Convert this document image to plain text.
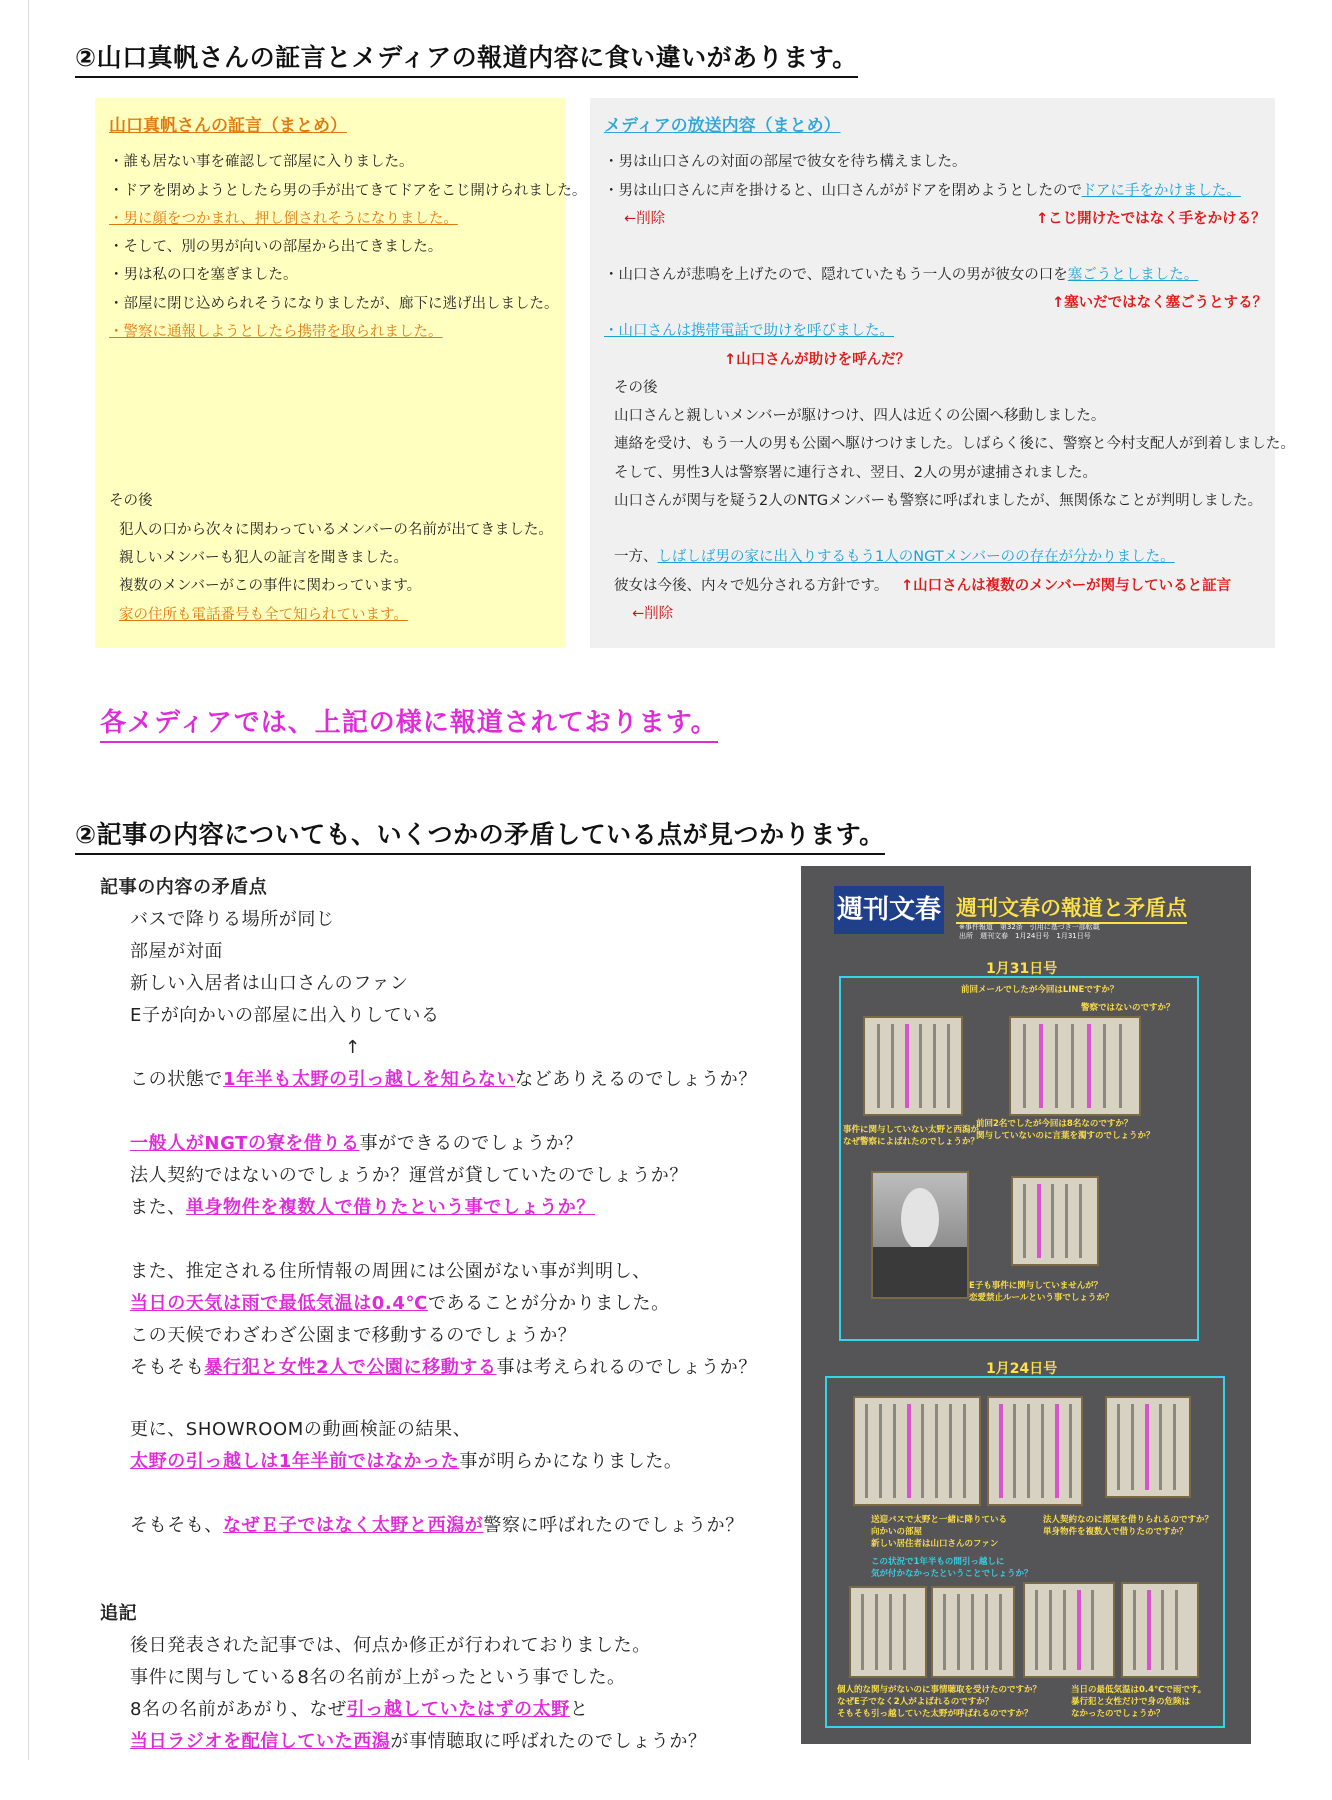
②山口真帆さんの証言とメディアの報道内容に食い違いがあります。
山口真帆さんの証言（まとめ）
・誰も居ない事を確認して部屋に入りました。
・ドアを閉めようとしたら男の手が出てきてドアをこじ開けられました。
・男に顔をつかまれ、押し倒されそうになりました。
・そして、別の男が向いの部屋から出てきました。
・男は私の口を塞ぎました。
・部屋に閉じ込められそうになりましたが、廊下に逃げ出しました。
・警察に通報しようとしたら携帯を取られました。
その後
犯人の口から次々に関わっているメンバーの名前が出てきました。
親しいメンバーも犯人の証言を聞きました。
複数のメンバーがこの事件に関わっています。
家の住所も電話番号も全て知られています。
メディアの放送内容（まとめ）
・男は山口さんの対面の部屋で彼女を待ち構えました。
・男は山口さんに声を掛けると、山口さんががドアを閉めようとしたのでドアに手をかけました。
←削除	↑こじ開けたではなく手をかける？
・山口さんが悲鳴を上げたので、隠れていたもう一人の男が彼女の口を塞ごうとしました。
↑塞いだではなく塞ごうとする？
・山口さんは携帯電話で助けを呼びました。
↑山口さんが助けを呼んだ？
その後
山口さんと親しいメンバーが駆けつけ、四人は近くの公園へ移動しました。
連絡を受け、もう一人の男も公園へ駆けつけました。しばらく後に、警察と今村支配人が到着しました。
そして、男性3人は警察署に連行され、翌日、2人の男が逮捕されました。
山口さんが関与を疑う2人のNTGメンバーも警察に呼ばれましたが、無関係なことが判明しました。
一方、しばしば男の家に出入りするもう1人のNGTメンバーのの存在が分かりました。
彼女は今後、内々で処分される方針です。 ↑山口さんは複数のメンバーが関与していると証言
←削除
各メディアでは、上記の様に報道されております。
②記事の内容についても、いくつかの矛盾している点が見つかります。
記事の内容の矛盾点
バスで降りる場所が同じ
部屋が対面
新しい入居者は山口さんのファン
E子が向かいの部屋に出入りしている
↑
この状態で1年半も太野の引っ越しを知らないなどありえるのでしょうか？
一般人がNGTの寮を借りる事ができるのでしょうか？
法人契約ではないのでしょうか？運営が貸していたのでしょうか？
また、単身物件を複数人で借りたという事でしょうか？
また、推定される住所情報の周囲には公園がない事が判明し、
当日の天気は雨で最低気温は0.4℃であることが分かりました。
この天候でわざわざ公園まで移動するのでしょうか？
そもそも暴行犯と女性2人で公園に移動する事は考えられるのでしょうか？
更に、SHOWROOMの動画検証の結果、
太野の引っ越しは1年半前ではなかった事が明らかになりました。
そもそも、なぜＥ子ではなく太野と西潟が警察に呼ばれたのでしょうか？
追記
後日発表された記事では、何点か修正が行われておりました。
事件に関与している8名の名前が上がったという事でした。
8名の名前があがり、なぜ引っ越していたはずの太野と
当日ラジオを配信していた西潟が事情聴取に呼ばれたのでしょうか？
週刊文春 週刊文春の報道と矛盾点
※事件報道　第32条　引用に基づき一部転載
出所　週刊文春　1月24日号　1月31日号
1月31日号
前回メールでしたが今回はLINEですか？
警察ではないのですか？
事件に関与していない太野と西潟が
なぜ警察によばれたのでしょうか？
前回2名でしたが今回は8名なのですか？
関与していないのに言葉を濁すのでしょうか？
E子も事件に関与していませんが？
恋愛禁止ルールという事でしょうか？
1月24日号
送迎バスで太野と一緒に降りている
向かいの部屋
新しい居住者は山口さんのファン
法人契約なのに部屋を借りられるのですか？
単身物件を複数人で借りたのですか？
この状況で1年半もの間引っ越しに
気が付かなかったということでしょうか？
個人的な関与がないのに事情聴取を受けたのですか？
なぜE子でなく2人がよばれるのですか？
そもそも引っ越していた太野が呼ばれるのですか？
当日の最低気温は0.4℃で雨です。
暴行犯と女性だけで身の危険は
なかったのでしょうか？
